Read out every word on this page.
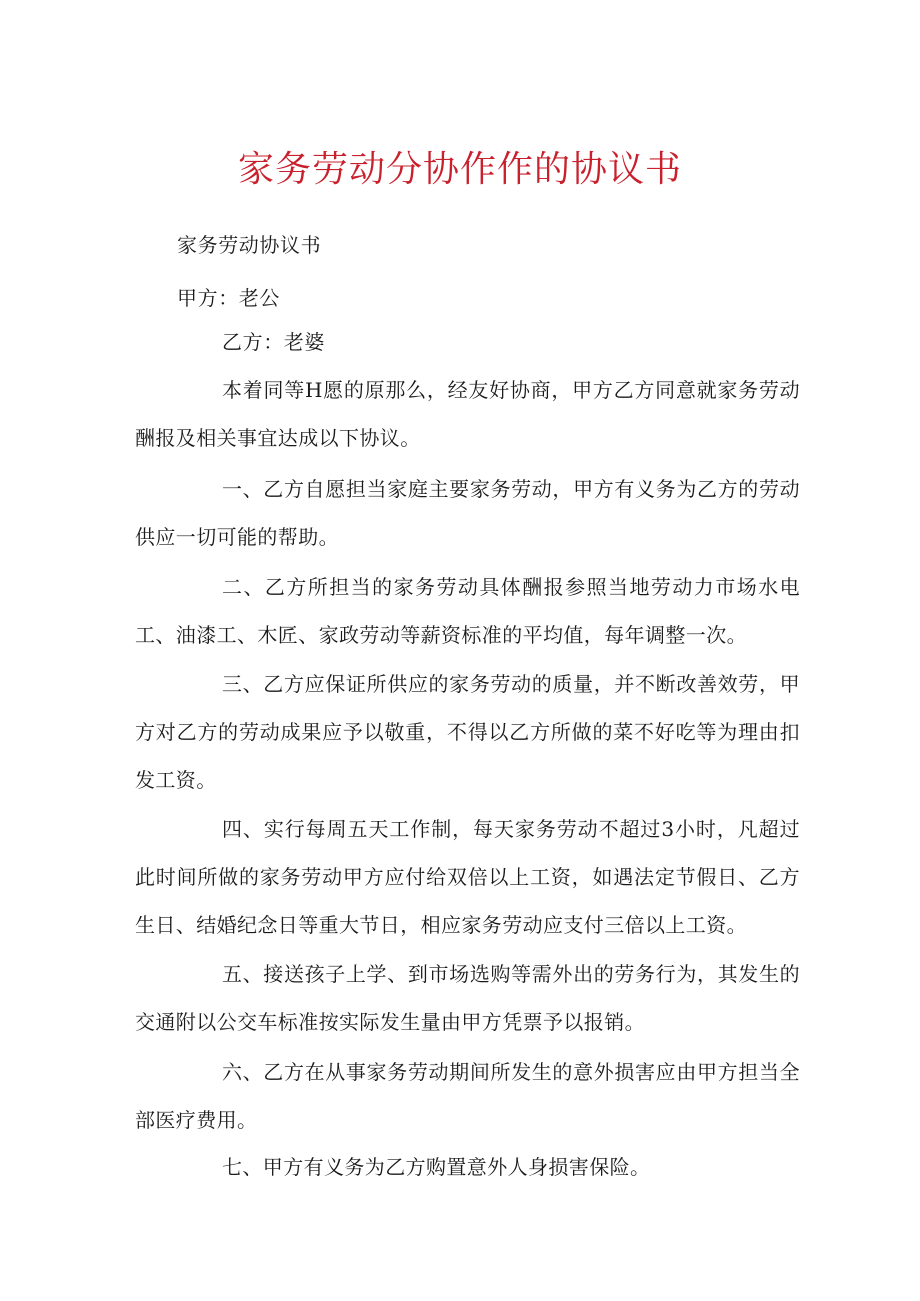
家务劳动分协作作的协议书
家务劳动协议书
甲方：老公
乙方：老婆
本着同等H愿的原那么，经友好协商，甲方乙方同意就家务劳动酬报及相关事宜达成以下协议。
一、乙方自愿担当家庭主要家务劳动，甲方有义务为乙方的劳动供应一切可能的帮助。
二、乙方所担当的家务劳动具体酬报参照当地劳动力市场水电工、油漆工、木匠、家政劳动等薪资标准的平均值，每年调整一次。
三、乙方应保证所供应的家务劳动的质量，并不断改善效劳，甲方对乙方的劳动成果应予以敬重，不得以乙方所做的菜不好吃等为理由扣发工资。
四、实行每周五天工作制，每天家务劳动不超过3小时，凡超过此时间所做的家务劳动甲方应付给双倍以上工资，如遇法定节假日、乙方生日、结婚纪念日等重大节日，相应家务劳动应支付三倍以上工资。
五、接送孩子上学、到市场选购等需外出的劳务行为，其发生的交通附以公交车标准按实际发生量由甲方凭票予以报销。
六、乙方在从事家务劳动期间所发生的意外损害应由甲方担当全部医疗费用。
七、甲方有义务为乙方购置意外人身损害保险。
